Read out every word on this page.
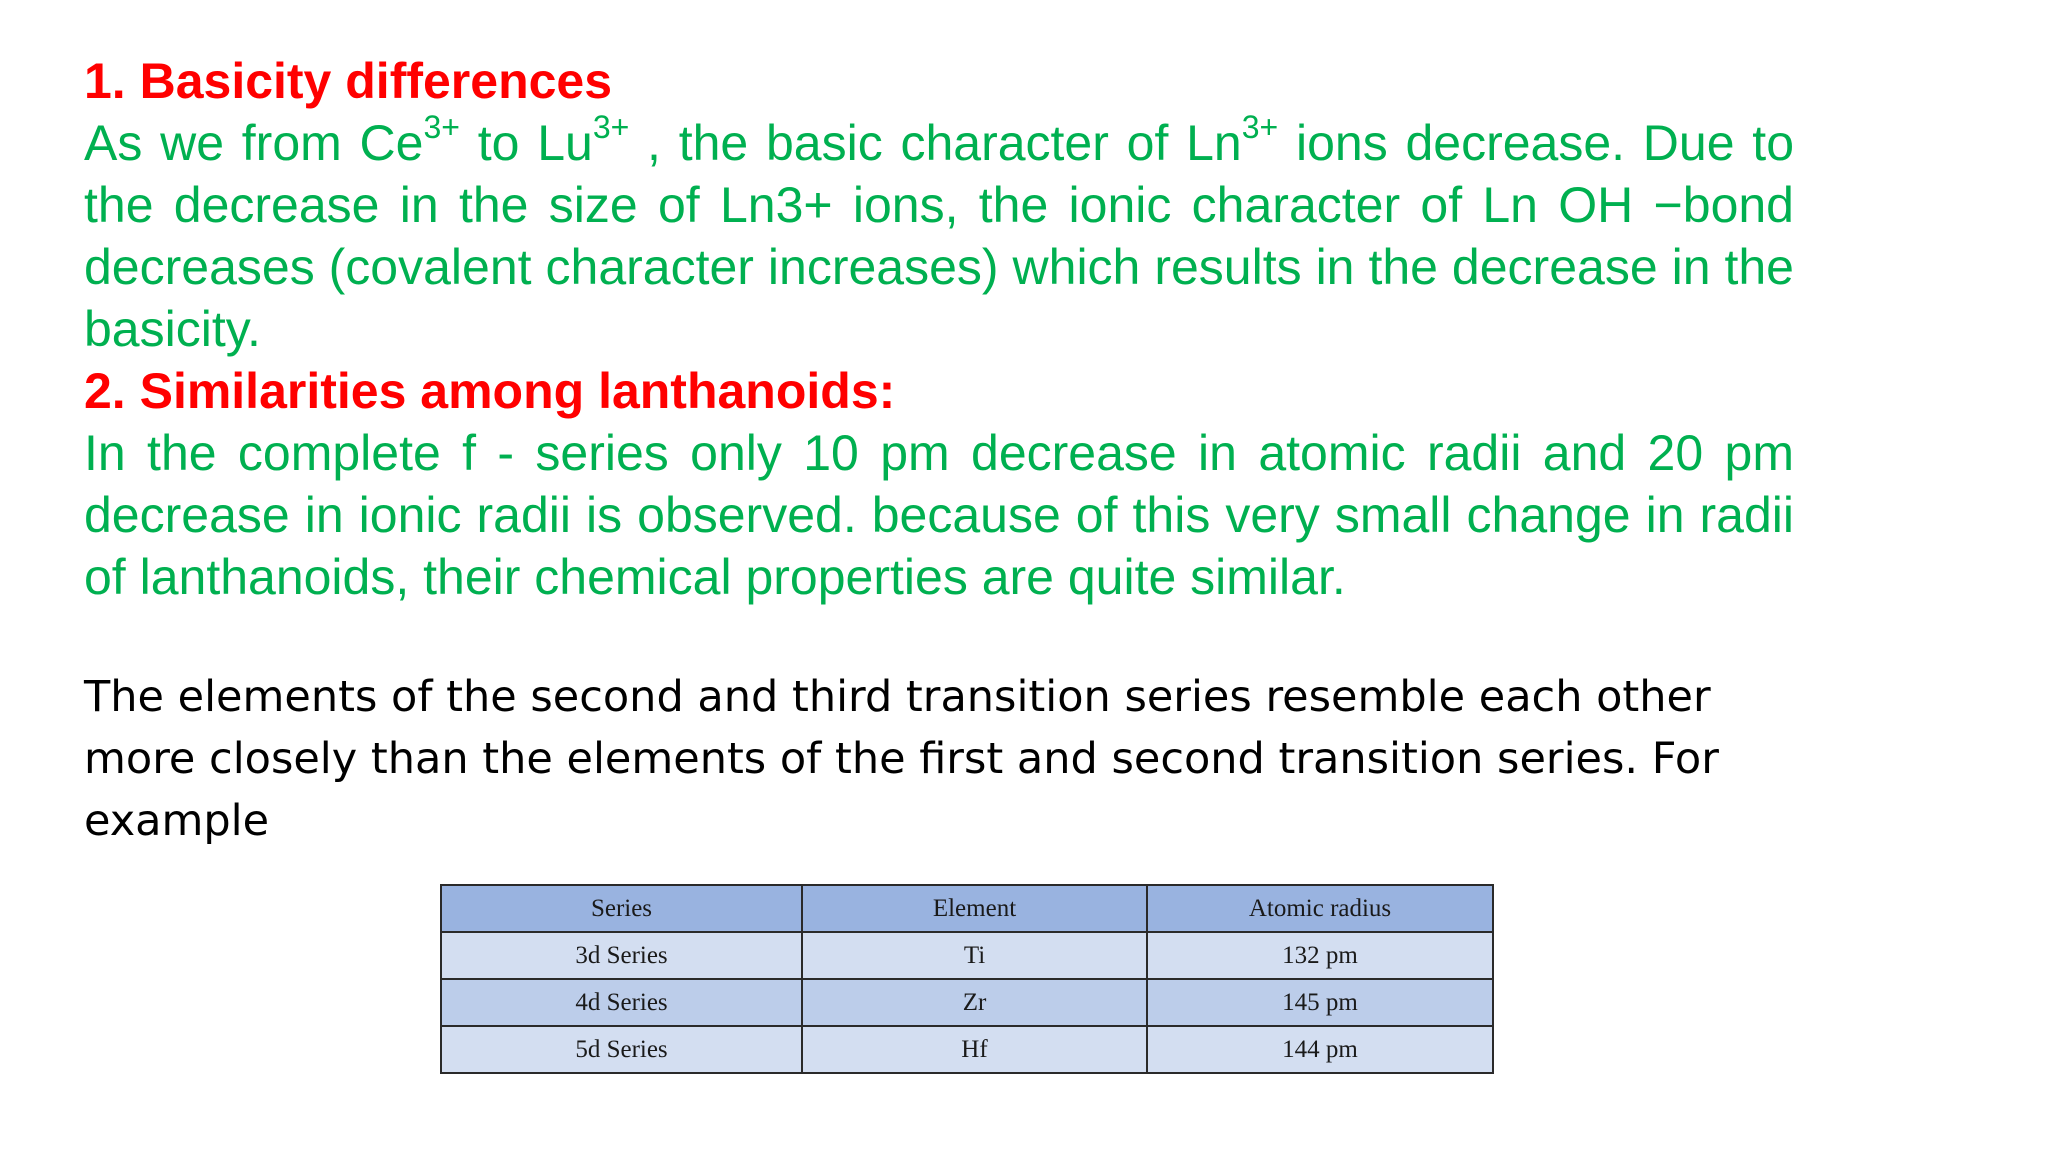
1. Basicity differences

As we from $Ce^{3+}$ to $Lu^{3+}$ , the basic character of $Ln^{3+}$ ions decrease. Due to the decrease in the size of Ln3+ ions, the ionic character of Ln OH −bond decreases (covalent character increases) which results in the decrease in the basicity.

2. Similarities among lanthanoids:

In the complete f - series only 10 pm decrease in atomic radii and 20 pm decrease in ionic radii is observed. because of this very small change in radii of lanthanoids, their chemical properties are quite similar.

The elements of the second and third transition series resemble each other more closely than the elements of the first and second transition series. For example

Series	Element	Atomic radius
3d Series	Ti	132 pm
4d Series	Zr	145 pm
5d Series	Hf	144 pm
